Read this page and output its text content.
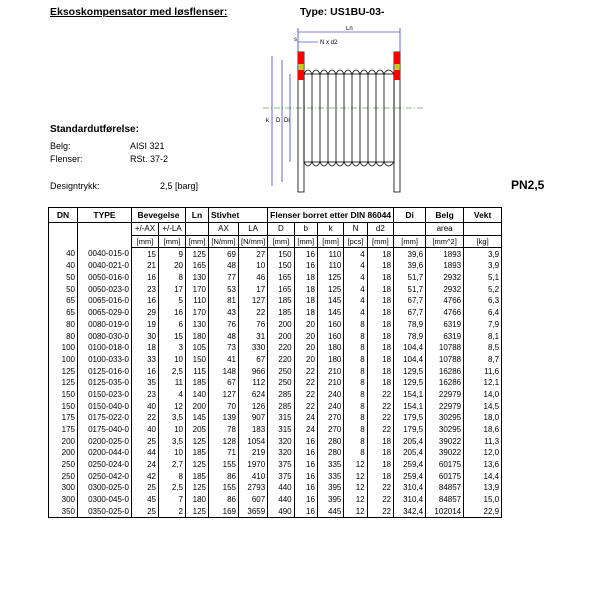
Eksoskompensator med løsflenser:	Type: US1BU-03-
Ln
s	N x d2
k D Di
Standardutførelse:
Belg:	AISI 321
Flenser:	RSt. 37-2
Designtrykk:	2,5 [barg]	PN2,5
DN	TYPE	Bevegelse		Ln	Stivhet		Flenser borret etter DIN 86044					Di	Belg	Vekt
		+/-AX	+/-LA		AX	LA	D	b	k	N	d2		area	
		[mm]	[mm]	[mm]	[N/mm]	[N/mm]	[mm]	[mm]	[mm]	[pcs]	[mm]	[mm]	[mm^2]	[kg]
40	0040-015-0	15	9	125	69	27	150	16	110	4	18	39,6	1893	3,9
40	0040-021-0	21	20	165	48	10	150	16	110	4	18	39,6	1893	3,9
50	0050-016-0	16	8	130	77	46	165	18	125	4	18	51,7	2932	5,1
50	0050-023-0	23	17	170	53	17	165	18	125	4	18	51,7	2932	5,2
65	0065-016-0	16	5	110	81	127	185	18	145	4	18	67,7	4766	6,3
65	0065-029-0	29	16	170	43	22	185	18	145	4	18	67,7	4766	6,4
80	0080-019-0	19	6	130	76	76	200	20	160	8	18	78,9	6319	7,9
80	0080-030-0	30	15	180	48	31	200	20	160	8	18	78,9	6319	8,1
100	0100-018-0	18	3	105	73	330	220	20	180	8	18	104,4	10788	8,5
100	0100-033-0	33	10	150	41	67	220	20	180	8	18	104,4	10788	8,7
125	0125-016-0	16	2,5	115	148	966	250	22	210	8	18	129,5	16286	11,6
125	0125-035-0	35	11	185	67	112	250	22	210	8	18	129,5	16286	12,1
150	0150-023-0	23	4	140	127	624	285	22	240	8	22	154,1	22979	14,0
150	0150-040-0	40	12	200	70	126	285	22	240	8	22	154,1	22979	14,5
175	0175-022-0	22	3,5	145	139	907	315	24	270	8	22	179,5	30295	18,0
175	0175-040-0	40	10	205	78	183	315	24	270	8	22	179,5	30295	18,6
200	0200-025-0	25	3,5	125	128	1054	320	16	280	8	18	205,4	39022	11,3
200	0200-044-0	44	10	185	71	219	320	16	280	8	18	205,4	39022	12,0
250	0250-024-0	24	2,7	125	155	1970	375	16	335	12	18	259,4	60175	13,6
250	0250-042-0	42	8	185	86	410	375	16	335	12	18	259,4	60175	14,4
300	0300-025-0	25	2,5	125	155	2793	440	16	395	12	22	310,4	84857	13,9
300	0300-045-0	45	7	180	86	607	440	16	395	12	22	310,4	84857	15,0
350	0350-025-0	25	2	125	169	3659	490	16	445	12	22	342,4	102014	22,9
